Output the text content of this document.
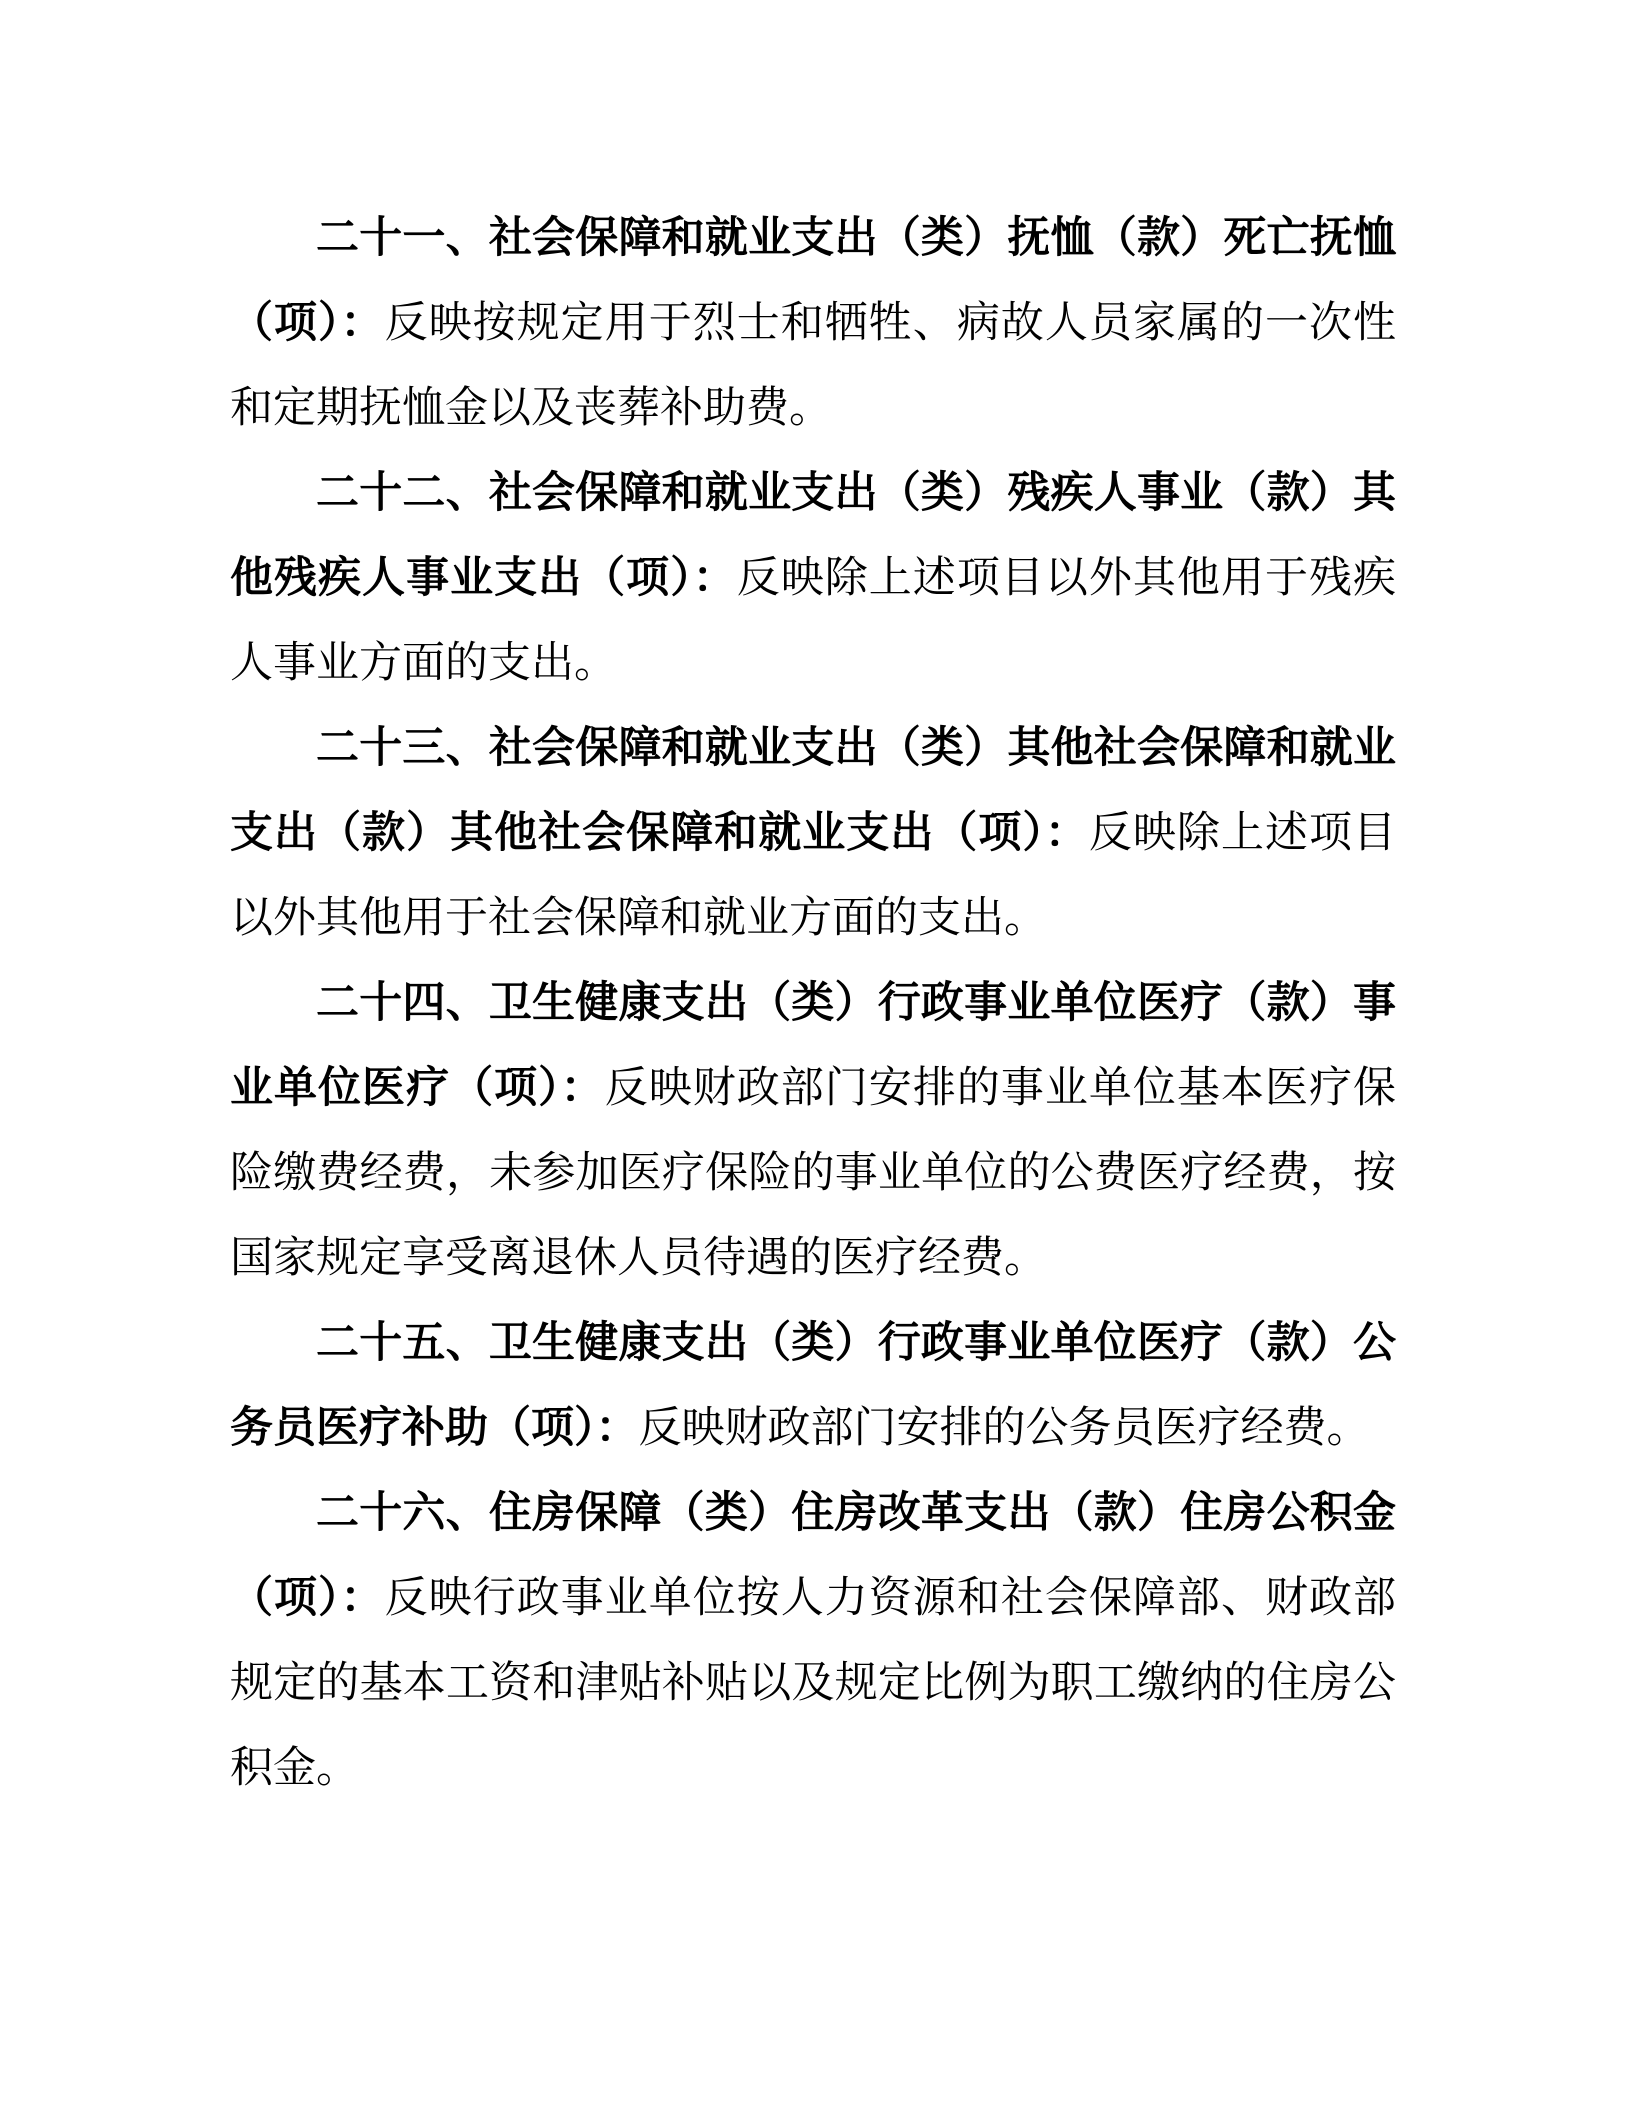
二十一、社会保障和就业支出（类）抚恤（款）死亡抚恤（项）：反映按规定用于烈士和牺牲、病故人员家属的一次性和定期抚恤金以及丧葬补助费。

二十二、社会保障和就业支出（类）残疾人事业（款）其他残疾人事业支出（项）：反映除上述项目以外其他用于残疾人事业方面的支出。

二十三、社会保障和就业支出（类）其他社会保障和就业支出（款）其他社会保障和就业支出（项）：反映除上述项目以外其他用于社会保障和就业方面的支出。

二十四、卫生健康支出（类）行政事业单位医疗（款）事业单位医疗（项）：反映财政部门安排的事业单位基本医疗保险缴费经费，未参加医疗保险的事业单位的公费医疗经费，按国家规定享受离退休人员待遇的医疗经费。

二十五、卫生健康支出（类）行政事业单位医疗（款）公务员医疗补助（项）：反映财政部门安排的公务员医疗经费。

二十六、住房保障（类）住房改革支出（款）住房公积金（项）：反映行政事业单位按人力资源和社会保障部、财政部规定的基本工资和津贴补贴以及规定比例为职工缴纳的住房公积金。
